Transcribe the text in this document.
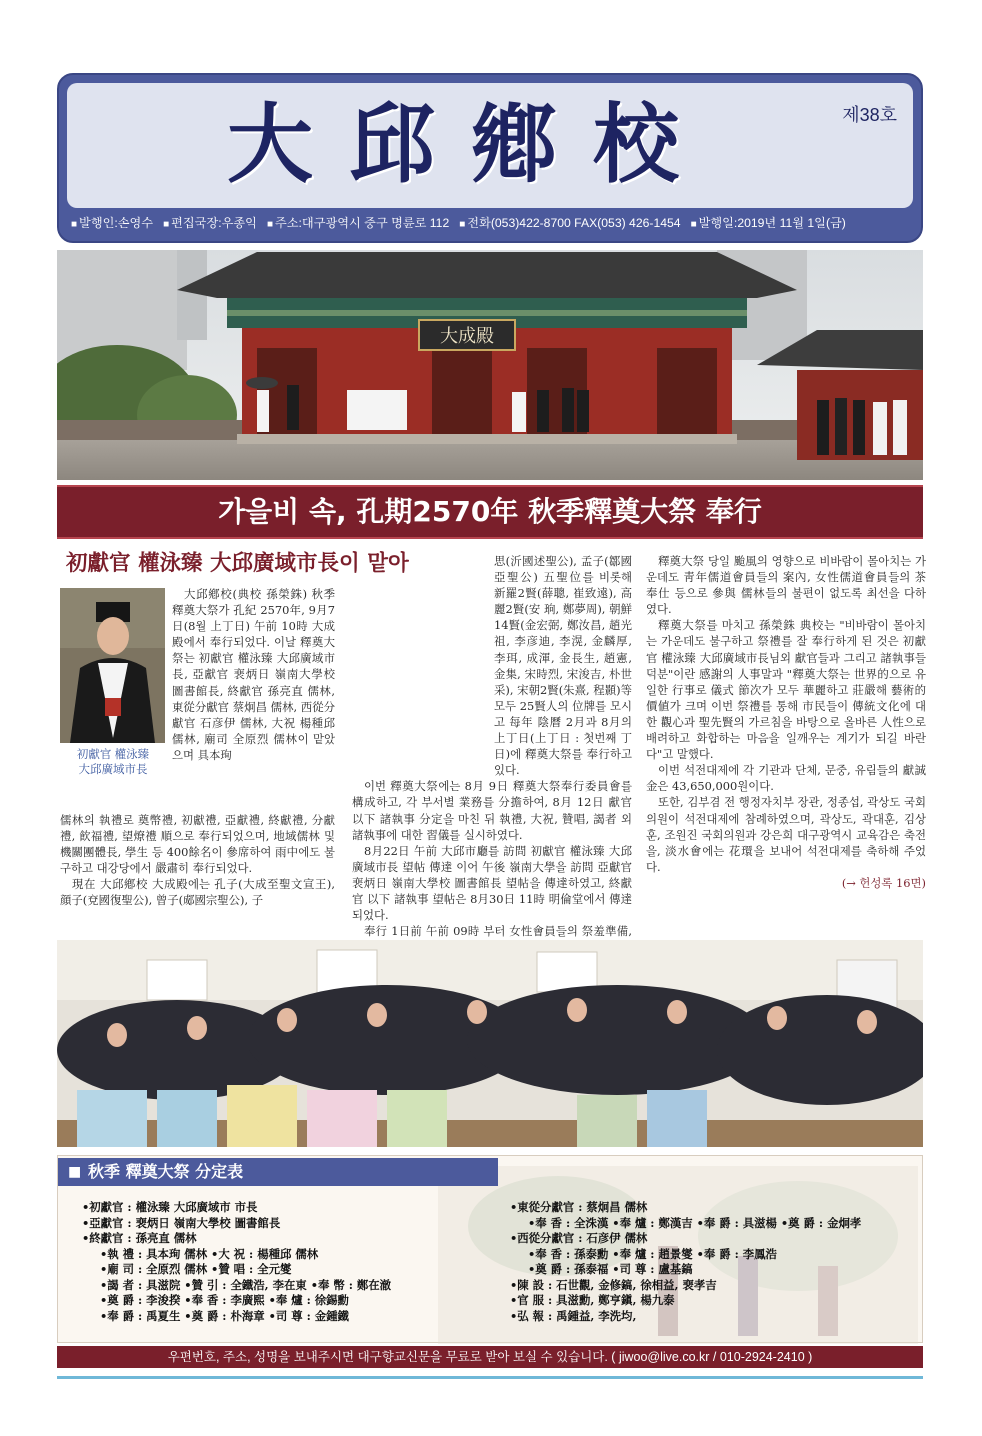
大邱鄕校	제38호
■ 발행인:손영수	■ 편집국장:우종익	■ 주소:대구광역시 중구 명륜로 112	■ 전화(053)422-8700 FAX(053) 426-1454	■ 발행일:2019년 11월 1일(금)
大成殿
가을비 속, 孔期2570年 秋季釋奠大祭 奉行
初獻官 權泳臻 大邱廣域市長이 맡아
初獻官 權泳臻
大邱廣域市長

大邱鄕校(典校 孫榮銖) 秋季 釋奠大祭가 孔紀 2570年, 9月7日(8월 上丁日) 午前 10時 大成殿에서 奉行되었다. 이날 釋奠大祭는 初獻官 權泳臻 大邱廣域市長, 亞獻官 裵炳日 嶺南大學校 圖書館長, 終獻官 孫亮直 儒林, 東從分獻官 蔡炯昌 儒林, 西從分獻官 石彦伊 儒林, 大祝 楊種邱 儒林, 廟司 全原烈 儒林이 맡았으며 具本珣

儒林의 執禮로 奠幣禮, 初獻禮, 亞獻禮, 終獻禮, 分獻禮, 飮福禮, 望燎禮 順으로 奉行되었으며, 地域儒林 및 機關團體長, 學生 등 400餘名이 參席하여 雨中에도 불구하고 대강당에서 嚴肅히 奉行되었다.

現在 大邱鄕校 大成殿에는 孔子(大成至聖文宣王), 顔子(兗國復聖公), 曾子(郕國宗聖公), 子

思(沂國述聖公), 孟子(鄒國亞聖公) 五聖位를 비롯해 新羅2賢(薛聰, 崔致遠), 高麗2賢(安 珦, 鄭夢周), 朝鮮14賢(金宏弼, 鄭汝昌, 趙光祖, 李彦迪, 李滉, 金麟厚, 李珥, 成渾, 金長生, 趙憲, 金集, 宋時烈, 宋浚吉, 朴世采), 宋朝2賢(朱熹, 程顥)等 모두 25賢人의 位牌를 모시고 每年 陰曆 2月과 8月의 上丁日(上丁日 : 첫번째 丁日)에 釋奠大祭를 奉行하고 있다.

이번 釋奠大祭에는 8月 9日 釋奠大祭奉行委員會를 構成하고, 각 부서별 業務를 分擔하여, 8月 12日 獻官 以下 諸執事 分定을 마친 뒤 執禮, 大祝, 贊唱, 謁者 외 諸執事에 대한 習儀를 실시하였다.

8月22日 午前 大邱市廳를 訪問 初獻官 權泳臻 大邱廣域市長 望帖 傳達 이어 午後 嶺南大學을 訪問 亞獻官 裵炳日 嶺南大學校 圖書館長 望帖을 傳達하였고, 終獻官 以下 諸執事 望帖은 8月30日 11時 明倫堂에서 傳達되었다.

奉行 1日前 午前 09時 부터 女性會員들의 祭羞準備,

釋奠大祭 당일 颱風의 영향으로 비바람이 몰아치는 가운데도 靑年儒道會員들의 案內, 女性儒道會員들의 茶 奉仕 등으로 參與 儒林들의 불편이 없도록 최선을 다하였다.

釋奠大祭를 마치고 孫榮銖 典校는 "비바람이 몰아치는 가운데도 불구하고 祭禮를 잘 奉行하게 된 것은 初獻官 權泳臻 大邱廣域市長님외 獻官들과 그리고 諸執事들 덕분"이란 感謝의 人事말과 "釋奠大祭는 世界的으로 유일한 行事로 儀式 節次가 모두 華麗하고 莊嚴해 藝術的 價値가 크며 이번 祭禮를 통해 市民들이 傳統文化에 대한 觀心과 聖先賢의 가르침을 바탕으로 올바른 人性으로 배려하고 화합하는 마음을 일깨우는 계기가 되길 바란다"고 말했다.

이번 석전대제에 각 기관과 단체, 문중, 유림들의 獻誠金은 43,650,000원이다.

또한, 김부겸 전 행정자치부 장관, 정종섭, 곽상도 국회의원이 석전대제에 참례하였으며, 곽상도, 곽대훈, 김상훈, 조원진 국회의원과 강은희 대구광역시 교육감은 축전을, 淡水會에는 花環을 보내어 석전대제를 축하해 주었다.

(→ 헌성록 16면)

■ 秋季 釋奠大祭 分定表
•初獻官 : 權泳臻 大邱廣域市 市長
•亞獻官 : 裵炳日 嶺南大學校 圖書館長
•終獻官 : 孫亮直 儒林
•執 禮 : 具本珣 儒林 •大 祝 : 楊種邱 儒林
•廟 司 : 全原烈 儒林 •贊 唱 : 全元燮
•謁 者 : 具滋院 •贊 引 : 全鐵浩, 李在東 •奉 幣 : 鄭在澈
•奠 爵 : 李浚揆 •奉 香 : 李廣熙 •奉 爐 : 徐錫勳
•奉 爵 : 禹夏生 •奠 爵 : 朴海章 •司 尊 : 金鍾鐵
•東從分獻官 : 蔡炯昌 儒林
•奉 香 : 全洙漢 •奉 爐 : 鄭漢吉 •奉 爵 : 具滋楊 •奠 爵 : 金炯孝
•西從分獻官 : 石彦伊 儒林
•奉 香 : 孫泰勳 •奉 爐 : 趙景燮 •奉 爵 : 李鳳浩
•奠 爵 : 孫泰福 •司 尊 : 盧基鎬
•陳 設 : 石世觀, 金修鎬, 徐相益, 裵孝吉
•官 服 : 具滋勳, 鄭亨鎭, 楊九泰
•弘 報 : 禹鍾益, 李洗均,
우편번호, 주소, 성명을 보내주시면 대구향교신문을 무료로 받아 보실 수 있습니다. ( jiwoo@live.co.kr / 010-2924-2410 )
